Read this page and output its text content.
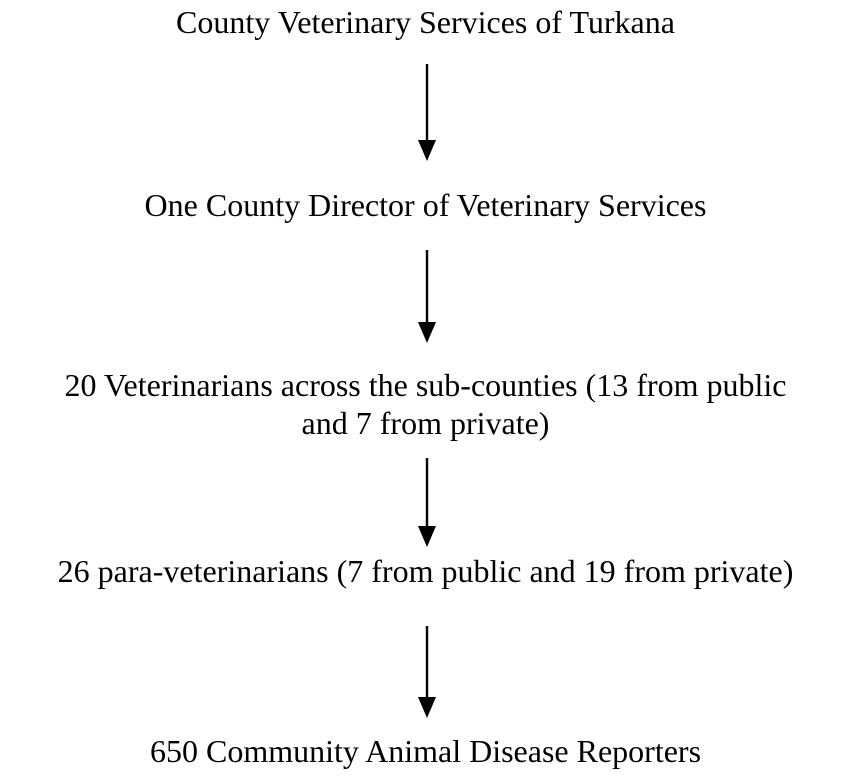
County Veterinary Services of Turkana
One County Director of Veterinary Services
20 Veterinarians across the sub-counties (13 from public
and 7 from private)
26 para-veterinarians (7 from public and 19 from private)
650 Community Animal Disease Reporters
